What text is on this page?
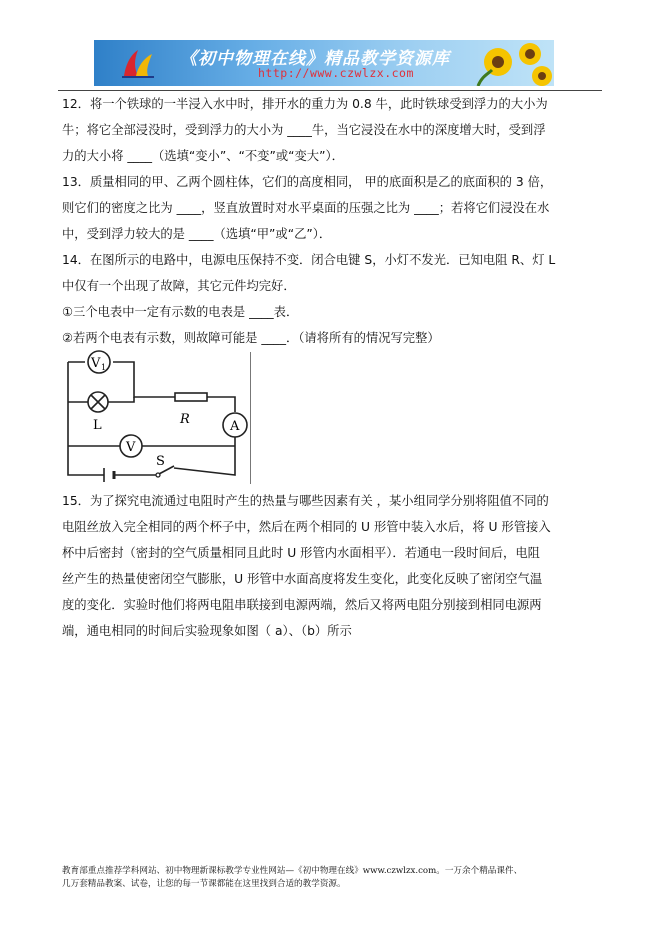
《初中物理在线》精品教学资源库
http://www.czwlzx.com
12．将一个铁球的一半浸入水中时，排开水的重力为 0.8 牛，此时铁球受到浮力的大小为
牛；将它全部浸没时，受到浮力的大小为 ____牛，当它浸没在水中的深度增大时，受到浮
力的大小将 ____（选填“变小”、“不变”或“变大”）．
13．质量相同的甲、乙两个圆柱体，它们的高度相同， 甲的底面积是乙的底面积的 3 倍，
则它们的密度之比为 ____，竖直放置时对水平桌面的压强之比为 ____；若将它们浸没在水
中，受到浮力较大的是 ____（选填“甲”或“乙”）．
14．在图所示的电路中，电源电压保持不变．闭合电键 S，小灯不发光．已知电阻 R、灯 L
中仅有一个出现了故障，其它元件均完好．
①三个电表中一定有示数的电表是 ____表．
②若两个电表有示数，则故障可能是 ____．（请将所有的情况写完整）
V 1
L	R	A
V
S
15．为了探究电流通过电阻时产生的热量与哪些因素有关 ，某小组同学分别将阻值不同的
电阻丝放入完全相同的两个杯子中，然后在两个相同的 U 形管中装入水后，将 U 形管接入
杯中后密封（密封的空气质量相同且此时 U 形管内水面相平）．若通电一段时间后，电阻
丝产生的热量使密闭空气膨胀，U 形管中水面高度将发生变化，此变化反映了密闭空气温
度的变化．实验时他们将两电阻串联接到电源两端，然后又将两电阻分别接到相同电源两
端，通电相同的时间后实验现象如图（ a）、（b）所示
教育部重点推荐学科网站、初中物理新课标教学专业性网站—《初中物理在线》www.czwlzx.com。一万余个精品课件、
几万套精品教案、试卷，让您的每一节课都能在这里找到合适的教学资源。
